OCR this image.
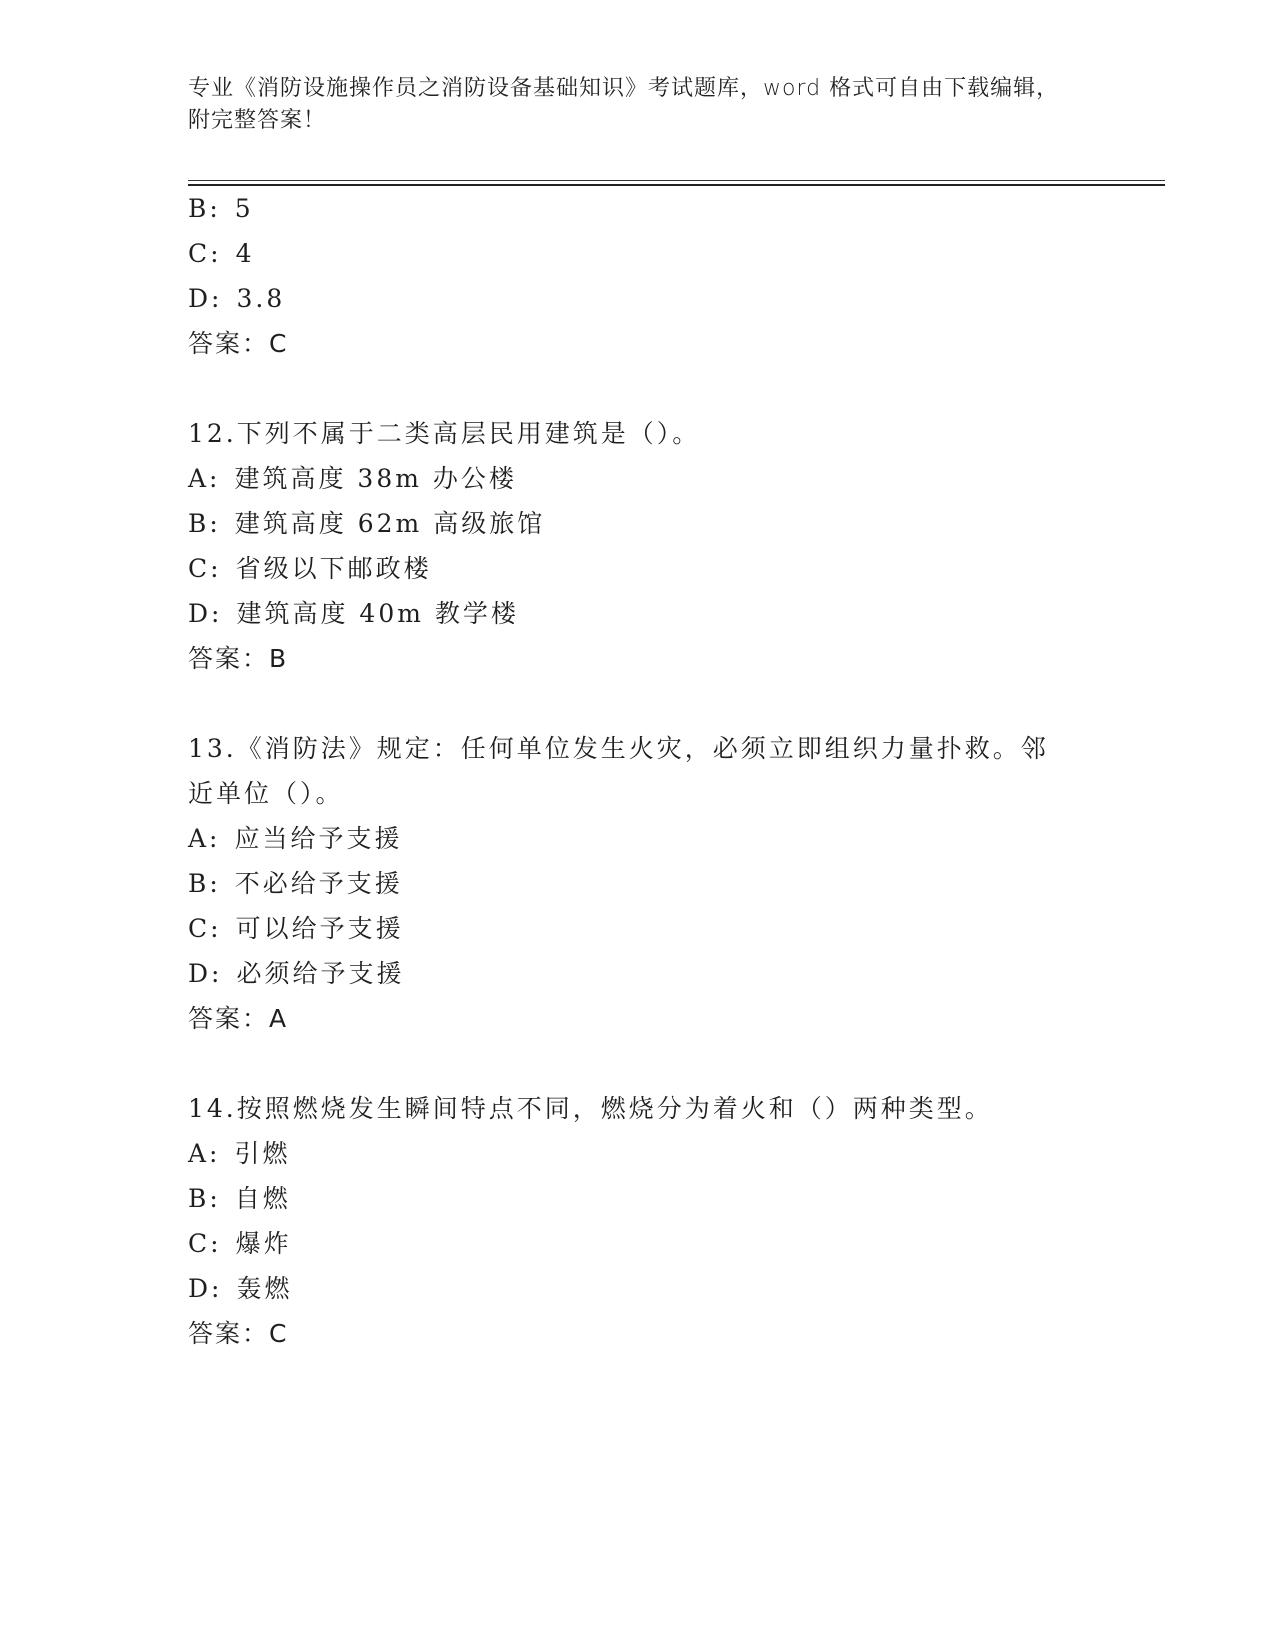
专业《消防设施操作员之消防设备基础知识》考试题库，word 格式可自由下载编辑，附完整答案！
B: 5
C: 4
D: 3.8
答案：C
12.下列不属于二类高层民用建筑是（）。
A: 建筑高度 38m 办公楼
B: 建筑高度 62m 高级旅馆
C: 省级以下邮政楼
D: 建筑高度 40m 教学楼
答案：B
13.《消防法》规定：任何单位发生火灾，必须立即组织力量扑救。邻
近单位（）。
A: 应当给予支援
B: 不必给予支援
C: 可以给予支援
D: 必须给予支援
答案：A
14.按照燃烧发生瞬间特点不同，燃烧分为着火和（）两种类型。
A: 引燃
B: 自燃
C: 爆炸
D: 轰燃
答案：C
